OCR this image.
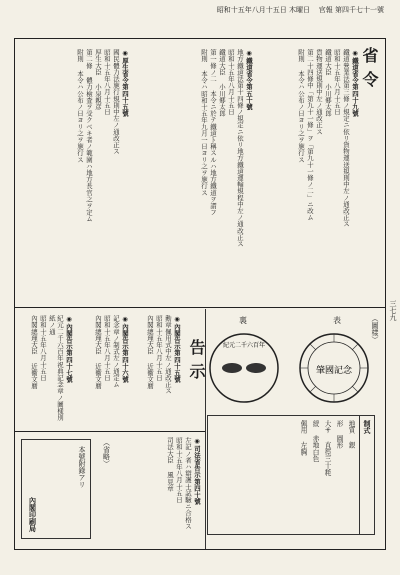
官報 第四千七十一號
昭和十五年八月十五日 木曜日
省令

◉鐵道省令第四十九號

鐵道營業法第三條ノ規定ニ依リ貨物運送規則中左ノ通改正ス

昭和十五年八月十五日

鐵道大臣 小川郷太郎

貨物運送規則中左ノ通改正ス

第二十四條中「第九十一條」ヲ「第九十一條ノ二」ニ改ム

附則 本令ハ公布ノ日ヨリ之ヲ施行ス

◉鐵道省令第五十號

地方鐵道法第十四條ノ規定ニ依リ地方鐵道運輸規程中左ノ通改正ス

昭和十五年八月十五日

鐵道大臣 小川郷太郎

第一條ノ二 本令ニ於テ鐵道ト稱スルハ地方鐵道ヲ謂フ

附則 本令ハ昭和十五年九月一日ヨリ之ヲ施行ス

◉厚生省令第四十五號

國民體力法施行規則中左ノ通改正ス

昭和十五年八月十五日

厚生大臣 小泉親彦

第二條 體力檢査ヲ受クベキ者ノ範圍ハ地方長官之ヲ定ム

附則 本令ハ公布ノ日ヨリ之ヲ施行ス

（圖樣）
表
裏
肇國記念
紀元二千六百年
制式

地質 銀

形 圓形

大サ 直徑三十粍

綬 赤地白色

佩用 左胸

告示

◉內閣告示第四十五號

勳章佩用式中左ノ通改正ス

昭和十五年八月十五日

內閣總理大臣 近衞文麿

◉內閣告示第四十六號

記念章ノ制式左ノ通定ム

昭和十五年八月十五日

內閣總理大臣 近衞文麿

◉內閣告示第四十七號

紀元二千六百年祝典記念章ノ圖樣別紙ノ通

昭和十五年八月十五日

內閣總理大臣 近衞文麿

◉司法省告示第四十號

左記ノ者ハ辯護士試驗ニ合格ス

昭和十五年八月十五日

司法大臣 風見章

（省略）
本號附錄アリ
內閣印刷局
三七九
